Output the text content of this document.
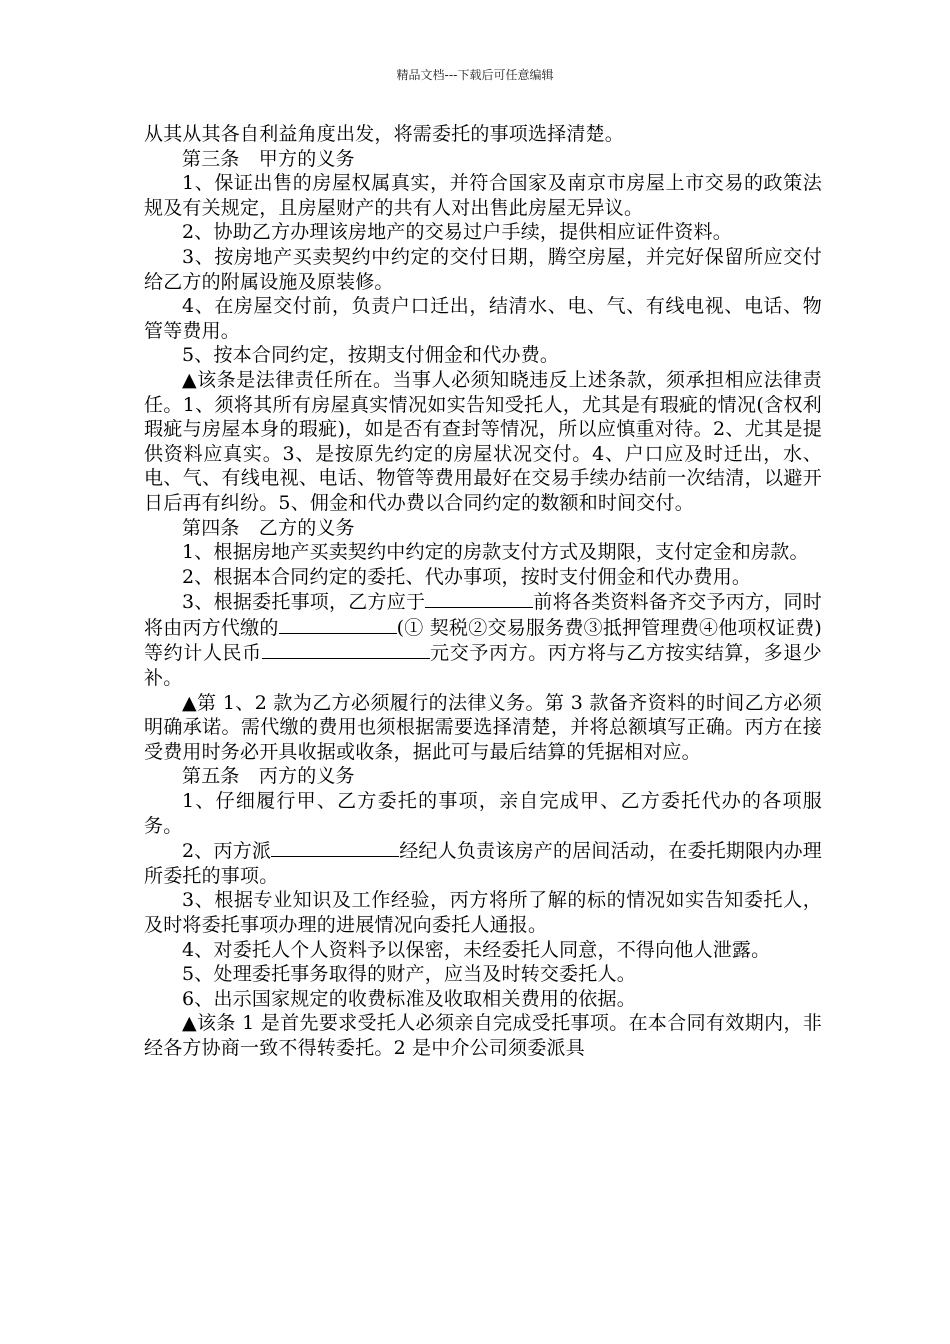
精品文档---下载后可任意编辑

从其从其各自利益角度出发，将需委托的事项选择清楚。

第三条　甲方的义务

1、保证出售的房屋权属真实，并符合国家及南京市房屋上市交易的政策法规及有关规定，且房屋财产的共有人对出售此房屋无异议。

2、协助乙方办理该房地产的交易过户手续，提供相应证件资料。

3、按房地产买卖契约中约定的交付日期，腾空房屋，并完好保留所应交付给乙方的附属设施及原装修。

4、在房屋交付前，负责户口迁出，结清水、电、气、有线电视、电话、物管等费用。

5、按本合同约定，按期支付佣金和代办费。

▲该条是法律责任所在。当事人必须知晓违反上述条款，须承担相应法律责任。1、须将其所有房屋真实情况如实告知受托人，尤其是有瑕疵的情况(含权利瑕疵与房屋本身的瑕疵)，如是否有查封等情况，所以应慎重对待。2、尤其是提供资料应真实。3、是按原先约定的房屋状况交付。4、户口应及时迁出，水、电、气、有线电视、电话、物管等费用最好在交易手续办结前一次结清，以避开日后再有纠纷。5、佣金和代办费以合同约定的数额和时间交付。

第四条　乙方的义务

1、根据房地产买卖契约中约定的房款支付方式及期限，支付定金和房款。

2、根据本合同约定的委托、代办事项，按时支付佣金和代办费用。

3、根据委托事项，乙方应于	前将各类资料备齐交予丙方，同时将由丙方代缴的	(① 契税②交易服务费③抵押管理费④他项权证费)等约计人民币	元交予丙方。丙方将与乙方按实结算，多退少补。

▲第 1、2 款为乙方必须履行的法律义务。第 3 款备齐资料的时间乙方必须明确承诺。需代缴的费用也须根据需要选择清楚，并将总额填写正确。丙方在接受费用时务必开具收据或收条，据此可与最后结算的凭据相对应。

第五条　丙方的义务

1、仔细履行甲、乙方委托的事项，亲自完成甲、乙方委托代办的各项服务。

2、丙方派	经纪人负责该房产的居间活动，在委托期限内办理所委托的事项。

3、根据专业知识及工作经验，丙方将所了解的标的情况如实告知委托人，及时将委托事项办理的进展情况向委托人通报。

4、对委托人个人资料予以保密，未经委托人同意，不得向他人泄露。

5、处理委托事务取得的财产，应当及时转交委托人。

6、出示国家规定的收费标准及收取相关费用的依据。

▲该条 1 是首先要求受托人必须亲自完成受托事项。在本合同有效期内，非经各方协商一致不得转委托。2 是中介公司须委派具
